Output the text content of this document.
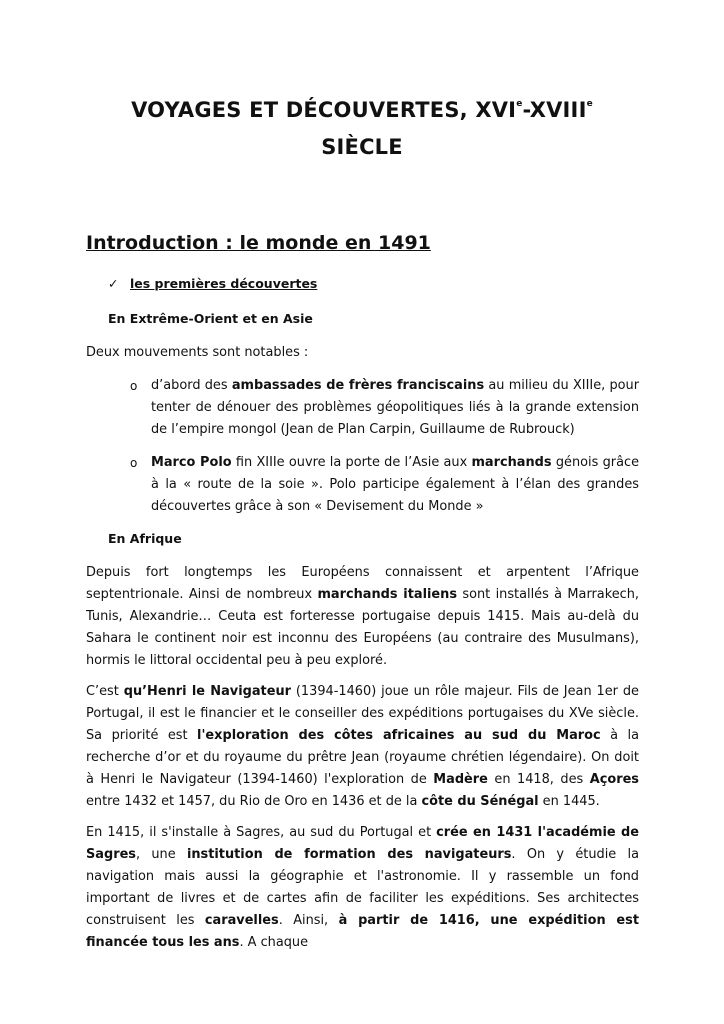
VOYAGES ET DÉCOUVERTES, XVIe-XVIIIe
SIÈCLE
Introduction : le monde en 1491
✓ les premières découvertes
En Extrême-Orient et en Asie

Deux mouvements sont notables :

o d’abord des ambassades de frères franciscains au milieu du XIIIe, pour tenter de dénouer des problèmes géopolitiques liés à la grande extension de l’empire mongol (Jean de Plan Carpin, Guillaume de Rubrouck)
o Marco Polo fin XIIIe ouvre la porte de l’Asie aux marchands génois grâce à la « route de la soie ». Polo participe également à l’élan des grandes découvertes grâce à son « Devisement du Monde »
En Afrique

Depuis fort longtemps les Européens connaissent et arpentent l’Afrique septentrionale. Ainsi de nombreux marchands italiens sont installés à Marrakech, Tunis, Alexandrie… Ceuta est forteresse portugaise depuis 1415. Mais au-delà du Sahara le continent noir est inconnu des Européens (au contraire des Musulmans), hormis le littoral occidental peu à peu exploré.

C’est qu’Henri le Navigateur (1394-1460) joue un rôle majeur. Fils de Jean 1er de Portugal, il est le financier et le conseiller des expéditions portugaises du XVe siècle. Sa priorité est l'exploration des côtes africaines au sud du Maroc à la recherche d’or et du royaume du prêtre Jean (royaume chrétien légendaire). On doit à Henri le Navigateur (1394-1460) l'exploration de Madère en 1418, des Açores entre 1432 et 1457, du Rio de Oro en 1436 et de la côte du Sénégal en 1445.

En 1415, il s'installe à Sagres, au sud du Portugal et crée en 1431 l'académie de Sagres, une institution de formation des navigateurs. On y étudie la navigation mais aussi la géographie et l'astronomie. Il y rassemble un fond important de livres et de cartes afin de faciliter les expéditions. Ses architectes construisent les caravelles. Ainsi, à partir de 1416, une expédition est financée tous les ans. A chaque
